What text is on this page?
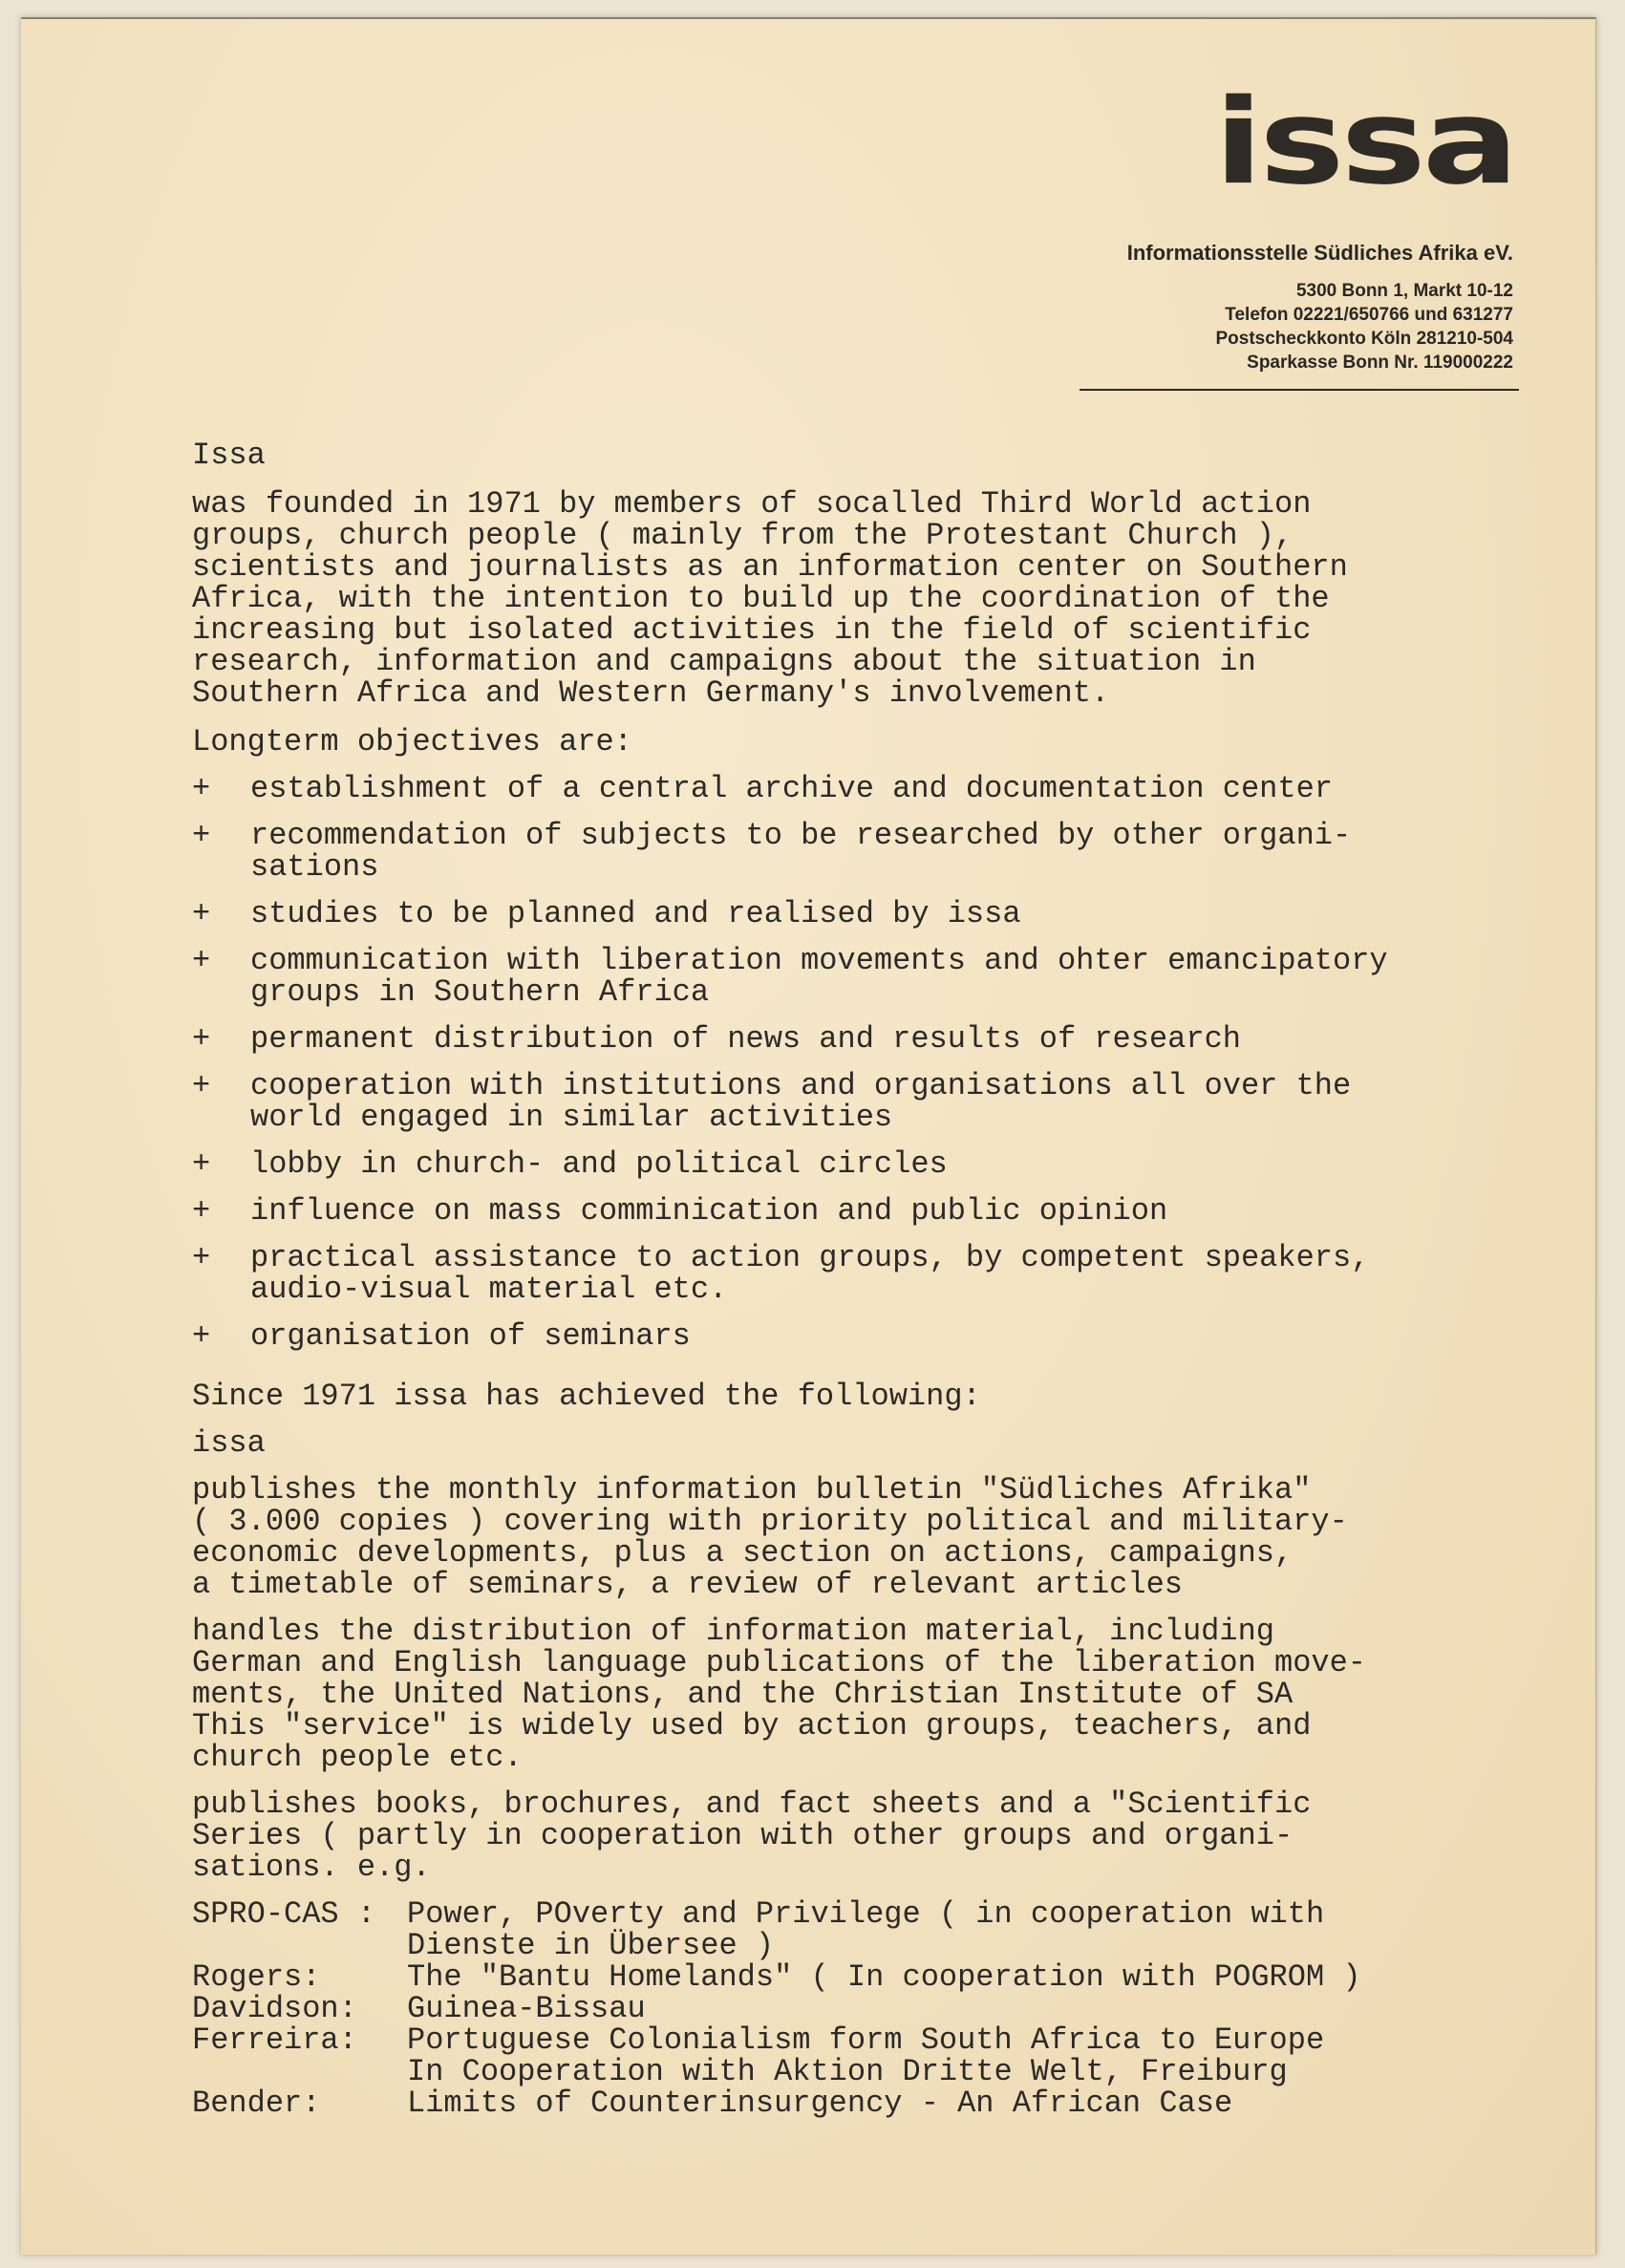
issa
Informationsstelle Südliches Afrika eV.
5300 Bonn 1, Markt 10-12
Telefon 02221/650766 und 631277
Postscheckkonto Köln 281210-504
Sparkasse Bonn Nr. 119000222

Issa

was founded in 1971 by members of socalled Third World action
groups, church people ( mainly from the Protestant Church ),
scientists and journalists as an information center on Southern
Africa, with the intention to build up the coordination of the
increasing but isolated activities in the field of scientific
research, information and campaigns about the situation in
Southern Africa and Western Germany's involvement.

Longterm objectives are:

+	establishment of a central archive and documentation center
+	recommendation of subjects to be researched by other organi-
sations
+	studies to be planned and realised by issa
+	communication with liberation movements and ohter emancipatory
groups in Southern Africa
+	permanent distribution of news and results of research
+	cooperation with institutions and organisations all over the
world engaged in similar activities
+	lobby in church- and political circles
+	influence on mass comminication and public opinion
+	practical assistance to action groups, by competent speakers,
audio-visual material etc.
+	organisation of seminars

Since 1971 issa has achieved the following:

issa

publishes the monthly information bulletin "Südliches Afrika"
( 3.000 copies ) covering with priority political and military-
economic developments, plus a section on actions, campaigns,
a timetable of seminars, a review of relevant articles

handles the distribution of information material, including
German and English language publications of the liberation move-
ments, the United Nations, and the Christian Institute of SA
This "service" is widely used by action groups, teachers, and
church people etc.

publishes books, brochures, and fact sheets and a "Scientific
Series ( partly in cooperation with other groups and organi-
sations. e.g.

SPRO-CAS :	Power, POverty and Privilege ( in cooperation with
Dienste in Übersee )
Rogers:	The "Bantu Homelands" ( In cooperation with POGROM )
Davidson:	Guinea-Bissau
Ferreira:	Portuguese Colonialism form South Africa to Europe
In Cooperation with Aktion Dritte Welt, Freiburg
Bender:	Limits of Counterinsurgency - An African Case
